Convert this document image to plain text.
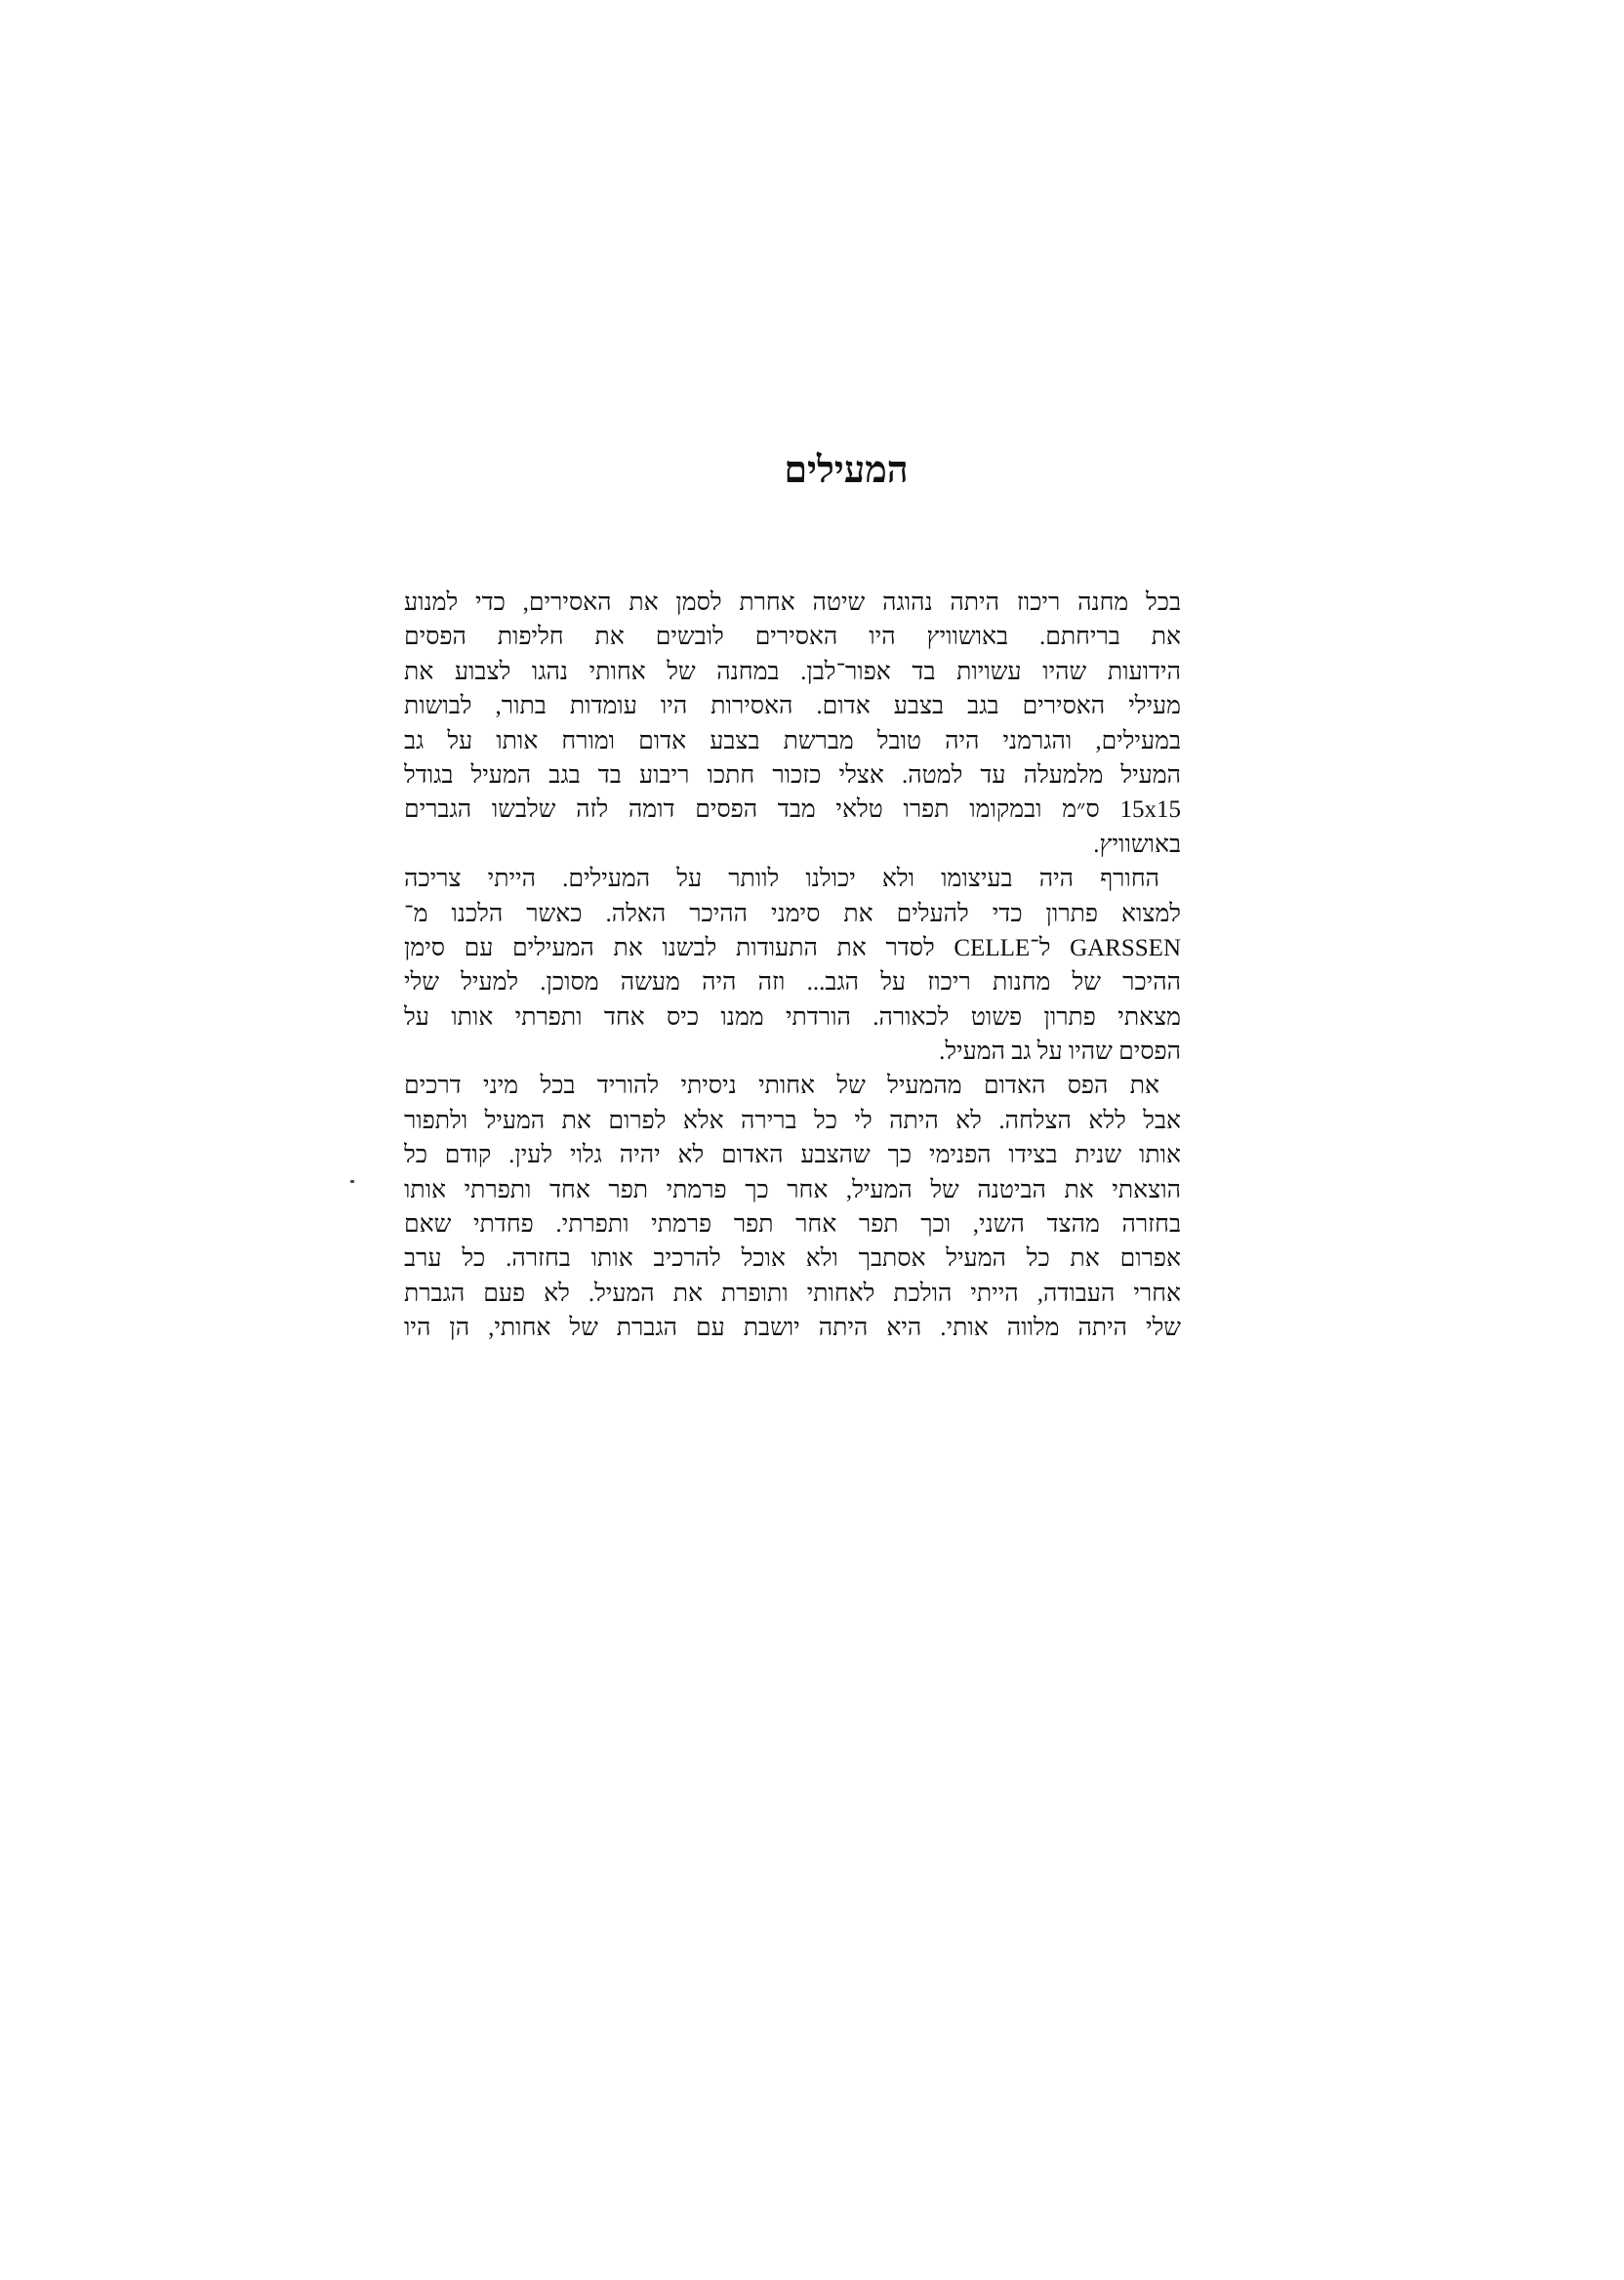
המעילים
בכל מחנה ריכוז היתה נהוגה שיטה אחרת לסמן את האסירים, כדי למנוע
את בריחתם. באושוויץ היו האסירים לובשים את חליפות הפסים
הידועות שהיו עשויות בד אפור־לבן. במחנה של אחותי נהגו לצבוע את
מעילי האסירים בגב בצבע אדום. האסירות היו עומדות בתור, לבושות
במעילים, והגרמני היה טובל מברשת בצבע אדום ומורח אותו על גב
המעיל מלמעלה עד למטה. אצלי כזכור חתכו ריבוע בד בגב המעיל בגודל
15x15 ס״מ ובמקומו תפרו טלאי מבד הפסים דומה לזה שלבשו הגברים
באושוויץ.
החורף היה בעיצומו ולא יכולנו לוותר על המעילים. הייתי צריכה
למצוא פתרון כדי להעלים את סימני ההיכר האלה. כאשר הלכנו מ־
GARSSEN ל־CELLE לסדר את התעודות לבשנו את המעילים עם סימן
ההיכר של מחנות ריכוז על הגב... וזה היה מעשה מסוכן. למעיל שלי
מצאתי פתרון פשוט לכאורה. הורדתי ממנו כיס אחד ותפרתי אותו על
הפסים שהיו על גב המעיל.
את הפס האדום מהמעיל של אחותי ניסיתי להוריד בכל מיני דרכים
אבל ללא הצלחה. לא היתה לי כל ברירה אלא לפרום את המעיל ולתפור
אותו שנית בצידו הפנימי כך שהצבע האדום לא יהיה גלוי לעין. קודם כל
הוצאתי את הביטנה של המעיל, אחר כך פרמתי תפר אחד ותפרתי אותו
בחזרה מהצד השני, וכך תפר אחר תפר פרמתי ותפרתי. פחדתי שאם
אפרום את כל המעיל אסתבך ולא אוכל להרכיב אותו בחזרה. כל ערב
אחרי העבודה, הייתי הולכת לאחותי ותופרת את המעיל. לא פעם הגברת
שלי היתה מלווה אותי. היא היתה יושבת עם הגברת של אחותי, הן היו
